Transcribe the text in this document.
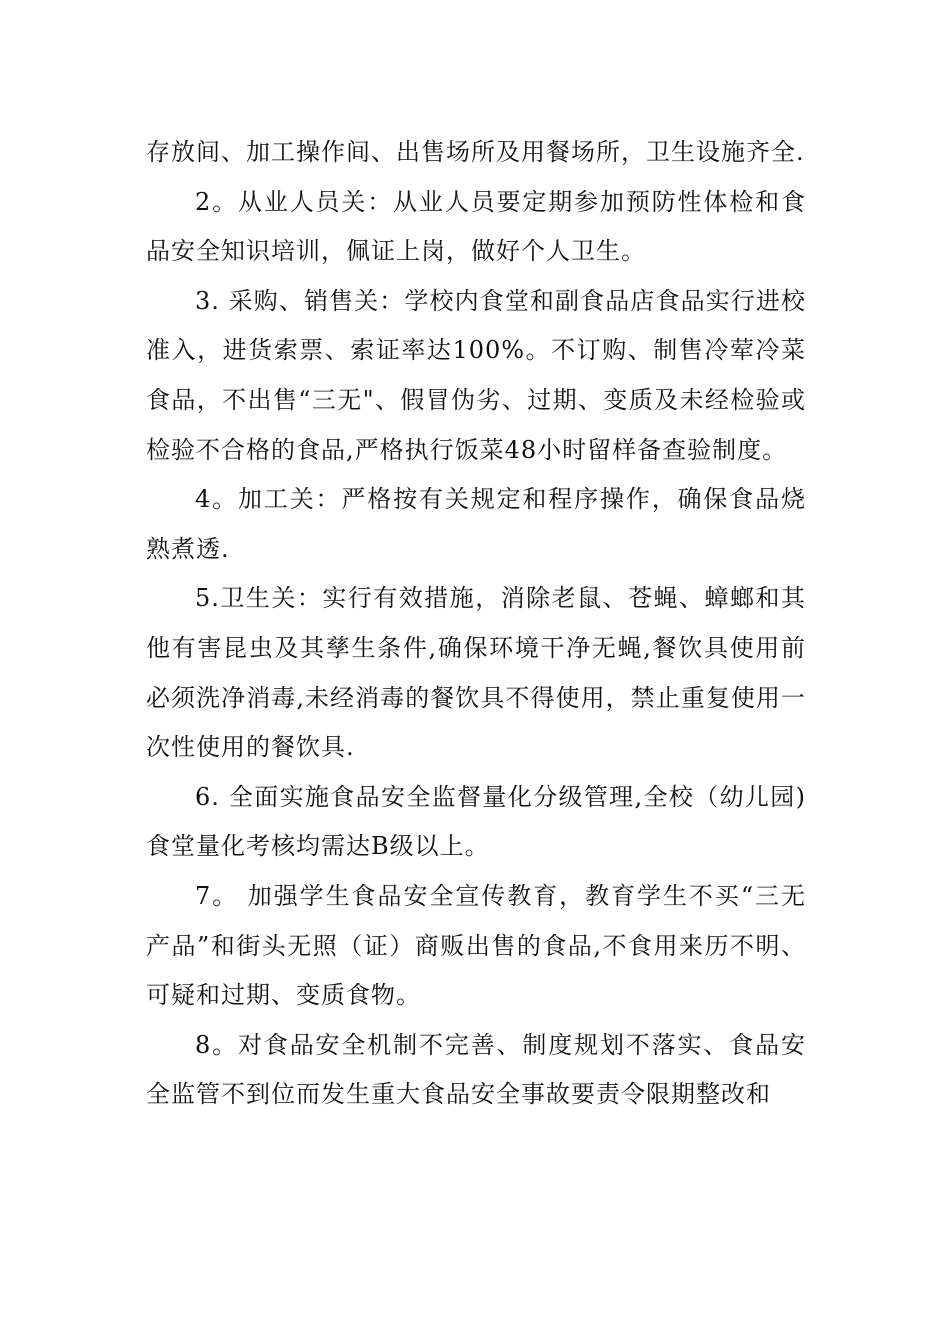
存放间、加工操作间、出售场所及用餐场所，卫生设施齐全.

2。从业人员关：从业人员要定期参加预防性体检和食品安全知识培训，佩证上岗，做好个人卫生。

3. 采购、销售关：学校内食堂和副食品店食品实行进校准入，进货索票、索证率达100%。不订购、制售冷荤冷菜食品，不出售“三无"、假冒伪劣、过期、变质及未经检验或检验不合格的食品,严格执行饭菜48小时留样备查验制度。

4。加工关：严格按有关规定和程序操作，确保食品烧熟煮透.

5.卫生关：实行有效措施，消除老鼠、苍蝇、蟑螂和其他有害昆虫及其孳生条件,确保环境干净无蝇,餐饮具使用前必须洗净消毒,未经消毒的餐饮具不得使用，禁止重复使用一次性使用的餐饮具.

6. 全面实施食品安全监督量化分级管理,全校（幼儿园)食堂量化考核均需达B级以上。

7。 加强学生食品安全宣传教育，教育学生不买“三无产品”和街头无照（证）商贩出售的食品,不食用来历不明、可疑和过期、变质食物。

8。对食品安全机制不完善、制度规划不落实、食品安全监管不到位而发生重大食品安全事故要责令限期整改和
